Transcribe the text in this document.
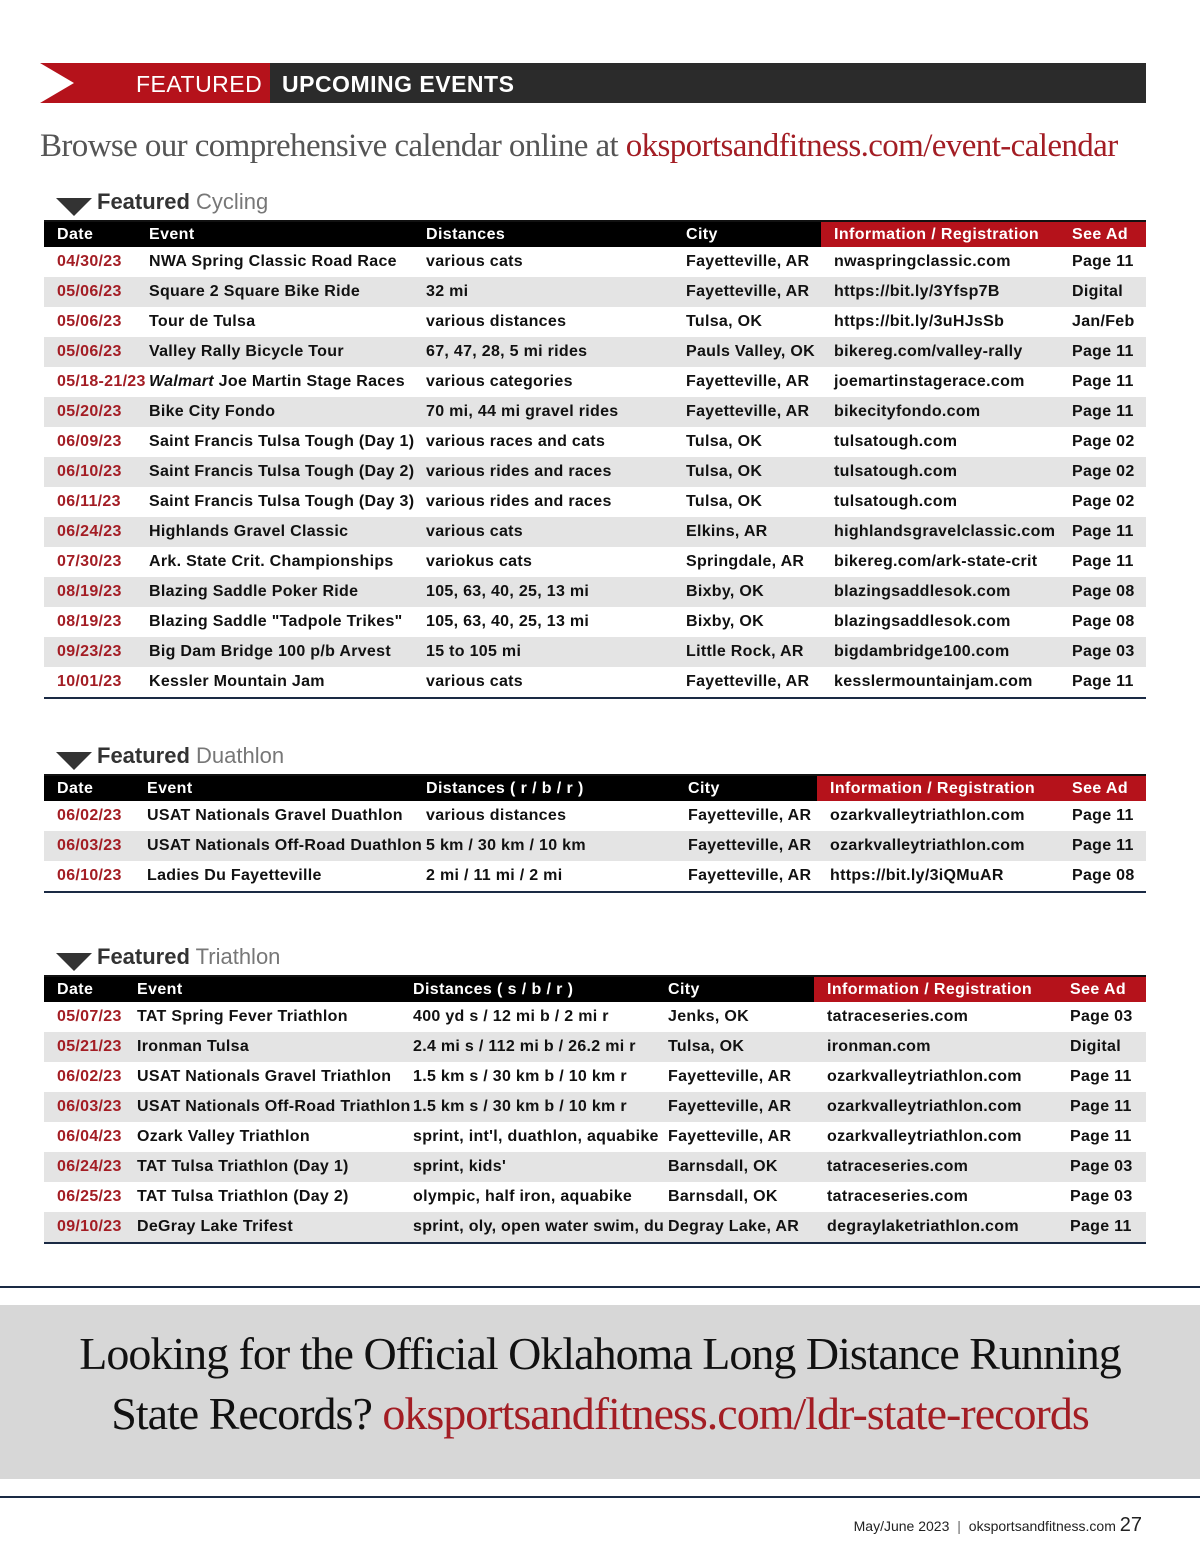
FEATURED UPCOMING EVENTS
Browse our comprehensive calendar online at oksportsandfitness.com/event-calendar
Featured Cycling
Date	Event	Distances	City	Information / Registration	See Ad
04/30/23	NWA Spring Classic Road Race	various cats	Fayetteville, AR	nwaspringclassic.com	Page 11
05/06/23	Square 2 Square Bike Ride	32 mi	Fayetteville, AR	https://bit.ly/3Yfsp7B	Digital
05/06/23	Tour de Tulsa	various distances	Tulsa, OK	https://bit.ly/3uHJsSb	Jan/Feb
05/06/23	Valley Rally Bicycle Tour	67, 47, 28, 5 mi rides	Pauls Valley, OK	bikereg.com/valley-rally	Page 11
05/18-21/23	Walmart Joe Martin Stage Races	various categories	Fayetteville, AR	joemartinstagerace.com	Page 11
05/20/23	Bike City Fondo	70 mi, 44 mi gravel rides	Fayetteville, AR	bikecityfondo.com	Page 11
06/09/23	Saint Francis Tulsa Tough (Day 1)	various races and cats	Tulsa, OK	tulsatough.com	Page 02
06/10/23	Saint Francis Tulsa Tough (Day 2)	various rides and races	Tulsa, OK	tulsatough.com	Page 02
06/11/23	Saint Francis Tulsa Tough (Day 3)	various rides and races	Tulsa, OK	tulsatough.com	Page 02
06/24/23	Highlands Gravel Classic	various cats	Elkins, AR	highlandsgravelclassic.com	Page 11
07/30/23	Ark. State Crit. Championships	variokus cats	Springdale, AR	bikereg.com/ark-state-crit	Page 11
08/19/23	Blazing Saddle Poker Ride	105, 63, 40, 25, 13 mi	Bixby, OK	blazingsaddlesok.com	Page 08
08/19/23	Blazing Saddle "Tadpole Trikes"	105, 63, 40, 25, 13 mi	Bixby, OK	blazingsaddlesok.com	Page 08
09/23/23	Big Dam Bridge 100 p/b Arvest	15 to 105 mi	Little Rock, AR	bigdambridge100.com	Page 03
10/01/23	Kessler Mountain Jam	various cats	Fayetteville, AR	kesslermountainjam.com	Page 11
Featured Duathlon
Date	Event	Distances ( r / b / r )	City	Information / Registration	See Ad
06/02/23	USAT Nationals Gravel Duathlon	various distances	Fayetteville, AR	ozarkvalleytriathlon.com	Page 11
06/03/23	USAT Nationals Off-Road Duathlon	5 km / 30 km / 10 km	Fayetteville, AR	ozarkvalleytriathlon.com	Page 11
06/10/23	Ladies Du Fayetteville	2 mi / 11 mi / 2 mi	Fayetteville, AR	https://bit.ly/3iQMuAR	Page 08
Featured Triathlon
Date	Event	Distances ( s / b / r )	City	Information / Registration	See Ad
05/07/23	TAT Spring Fever Triathlon	400 yd s / 12 mi b / 2 mi r	Jenks, OK	tatraceseries.com	Page 03
05/21/23	Ironman Tulsa	2.4 mi s / 112 mi b / 26.2 mi r	Tulsa, OK	ironman.com	Digital
06/02/23	USAT Nationals Gravel Triathlon	1.5 km s / 30 km b / 10 km r	Fayetteville, AR	ozarkvalleytriathlon.com	Page 11
06/03/23	USAT Nationals Off-Road Triathlon	1.5 km s / 30 km b / 10 km r	Fayetteville, AR	ozarkvalleytriathlon.com	Page 11
06/04/23	Ozark Valley Triathlon	sprint, int'l, duathlon, aquabike	Fayetteville, AR	ozarkvalleytriathlon.com	Page 11
06/24/23	TAT Tulsa Triathlon (Day 1)	sprint, kids'	Barnsdall, OK	tatraceseries.com	Page 03
06/25/23	TAT Tulsa Triathlon (Day 2)	olympic, half iron, aquabike	Barnsdall, OK	tatraceseries.com	Page 03
09/10/23	DeGray Lake Trifest	sprint, oly, open water swim, du	Degray Lake, AR	degraylaketriathlon.com	Page 11
Looking for the Official Oklahoma Long Distance Running
State Records? oksportsandfitness.com/ldr-state-records
May/June 2023 | oksportsandfitness.com 27
